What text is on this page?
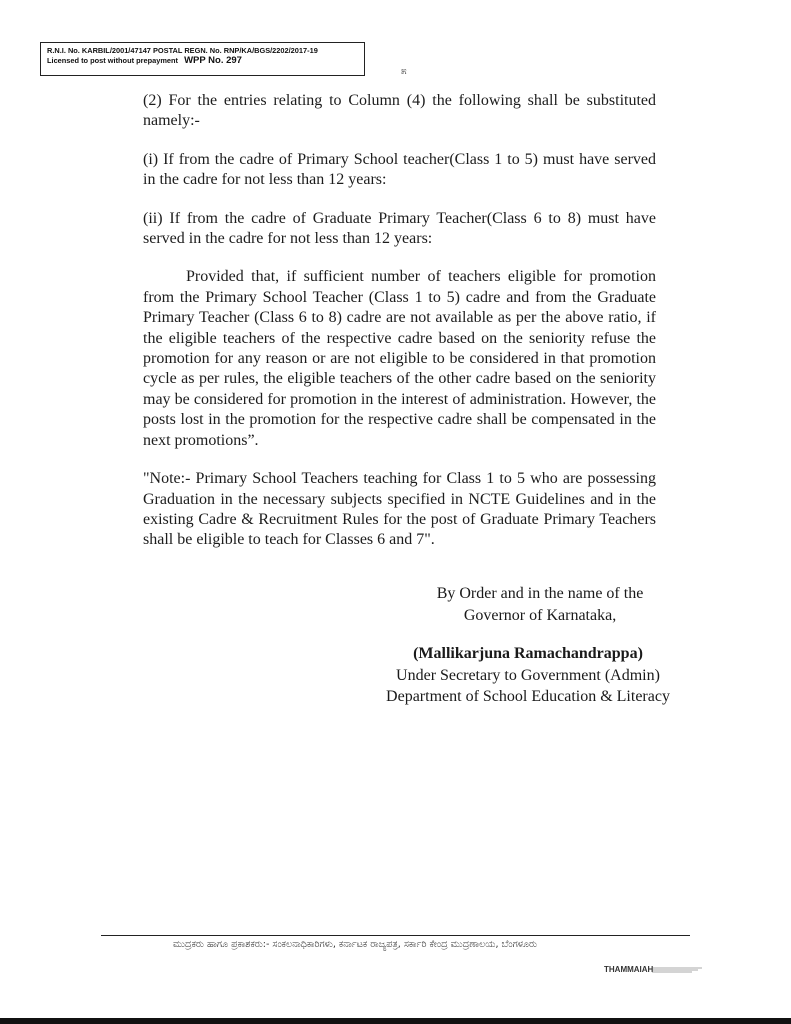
R.N.I. No. KARBIL/2001/47147 POSTAL REGN. No. RNP/KA/BGS/2202/2017-19
Licensed to post without prepayment WPP No. 297
೫

(2) For the entries relating to Column (4) the following shall be substituted namely:-

(i) If from the cadre of Primary School teacher(Class 1 to 5) must have served in the cadre for not less than 12 years:

(ii) If from the cadre of Graduate Primary Teacher(Class 6 to 8) must have served in the cadre for not less than 12 years:

Provided that, if sufficient number of teachers eligible for promotion from the Primary School Teacher (Class 1 to 5) cadre and from the Graduate Primary Teacher (Class 6 to 8) cadre are not available as per the above ratio, if the eligible teachers of the respective cadre based on the seniority refuse the promotion for any reason or are not eligible to be considered in that promotion cycle as per rules, the eligible teachers of the other cadre based on the seniority may be considered for promotion in the interest of administration. However, the posts lost in the promotion for the respective cadre shall be compensated in the next promotions”.

"Note:- Primary School Teachers teaching for Class 1 to 5 who are possessing Graduation in the necessary subjects specified in NCTE Guidelines and in the existing Cadre & Recruitment Rules for the post of Graduate Primary Teachers shall be eligible to teach for Classes 6 and 7".

By Order and in the name of the
Governor of Karnataka,
(Mallikarjuna Ramachandrappa)
Under Secretary to Government (Admin)
Department of School Education & Literacy
ಮುದ್ರಕರು ಹಾಗೂ ಪ್ರಕಾಶಕರು:- ಸಂಕಲನಾಧಿಕಾರಿಗಳು, ಕರ್ನಾಟಕ ರಾಜ್ಯಪತ್ರ, ಸರ್ಕಾರಿ ಕೇಂದ್ರ ಮುದ್ರಣಾಲಯ, ಬೆಂಗಳೂರು
THAMMAIAH
